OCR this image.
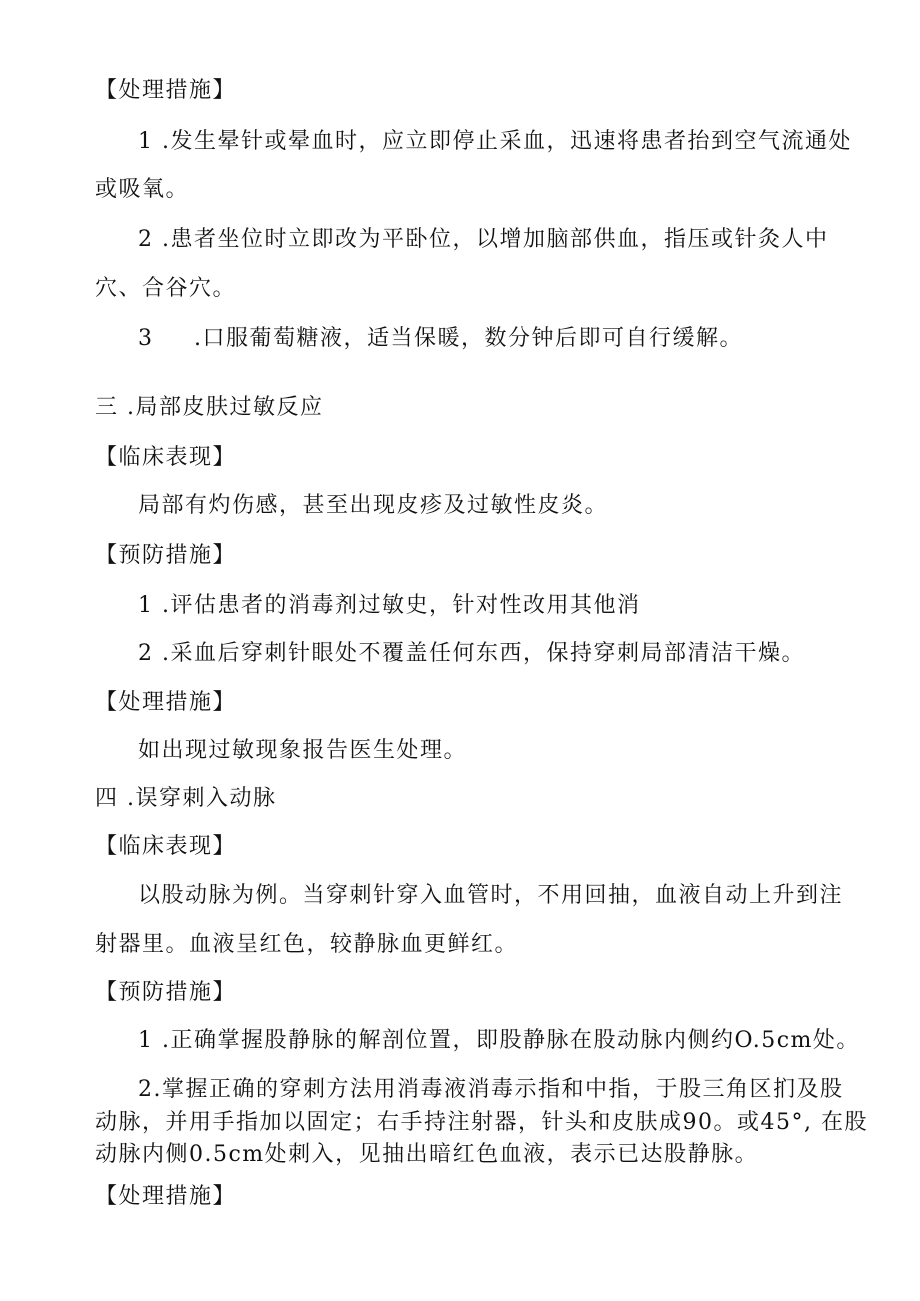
【处理措施】
1 .发生晕针或晕血时，应立即停止采血，迅速将患者抬到空气流通处
或吸氧。
2 .患者坐位时立即改为平卧位，以增加脑部供血，指压或针灸人中
穴、合谷穴。
3 .口服葡萄糖液，适当保暖，数分钟后即可自行缓解。
三 .局部皮肤过敏反应
【临床表现】
局部有灼伤感，甚至出现皮疹及过敏性皮炎。
【预防措施】
1 .评估患者的消毒剂过敏史，针对性改用其他消
2 .采血后穿刺针眼处不覆盖任何东西，保持穿刺局部清洁干燥。
【处理措施】
如出现过敏现象报告医生处理。
四 .误穿刺入动脉
【临床表现】
以股动脉为例。当穿刺针穿入血管时，不用回抽，血液自动上升到注
射器里。血液呈红色，较静脉血更鲜红。
【预防措施】
1 .正确掌握股静脉的解剖位置，即股静脉在股动脉内侧约O.5cm处。
2.掌握正确的穿刺方法用消毒液消毒示指和中指，于股三角区扪及股
动脉，并用手指加以固定；右手持注射器，针头和皮肤成90。或45°, 在股
动脉内侧0.5cm处刺入，见抽出暗红色血液，表示已达股静脉。
【处理措施】
